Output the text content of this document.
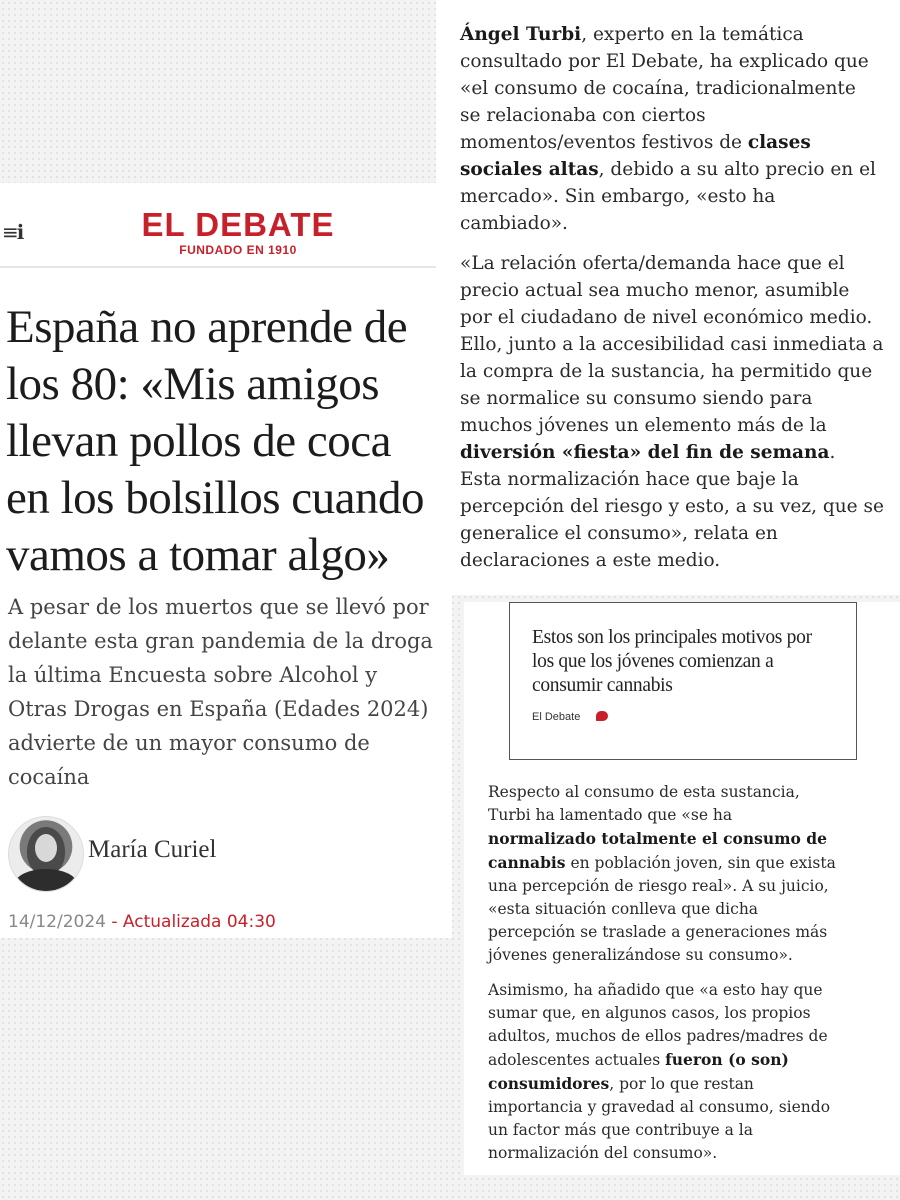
≡ℹ	EL DEBATE
FUNDADO EN 1910
España no aprende de
los 80: «Mis amigos
llevan pollos de coca
en los bolsillos cuando
vamos a tomar algo»
A pesar de los muertos que se llevó por
delante esta gran pandemia de la droga
la última Encuesta sobre Alcohol y
Otras Drogas en España (Edades 2024)
advierte de un mayor consumo de
cocaína
María Curiel
14/12/2024 - Actualizada 04:30
Ángel Turbi, experto en la temática
consultado por El Debate, ha explicado que
«el consumo de cocaína, tradicionalmente
se relacionaba con ciertos
momentos/eventos festivos de clases
sociales altas, debido a su alto precio en el
mercado». Sin embargo, «esto ha
cambiado».
«La relación oferta/demanda hace que el
precio actual sea mucho menor, asumible
por el ciudadano de nivel económico medio.
Ello, junto a la accesibilidad casi inmediata a
la compra de la sustancia, ha permitido que
se normalice su consumo siendo para
muchos jóvenes un elemento más de la
diversión «fiesta» del fin de semana.
Esta normalización hace que baje la
percepción del riesgo y esto, a su vez, que se
generalice el consumo», relata en
declaraciones a este medio.
Estos son los principales motivos por los que los jóvenes comienzan a consumir cannabis
El Debate
Respecto al consumo de esta sustancia,
Turbi ha lamentado que «se ha
normalizado totalmente el consumo de
cannabis en población joven, sin que exista
una percepción de riesgo real». A su juicio,
«esta situación conlleva que dicha
percepción se traslade a generaciones más
jóvenes generalizándose su consumo».
Asimismo, ha añadido que «a esto hay que
sumar que, en algunos casos, los propios
adultos, muchos de ellos padres/madres de
adolescentes actuales fueron (o son)
consumidores, por lo que restan
importancia y gravedad al consumo, siendo
un factor más que contribuye a la
normalización del consumo».
